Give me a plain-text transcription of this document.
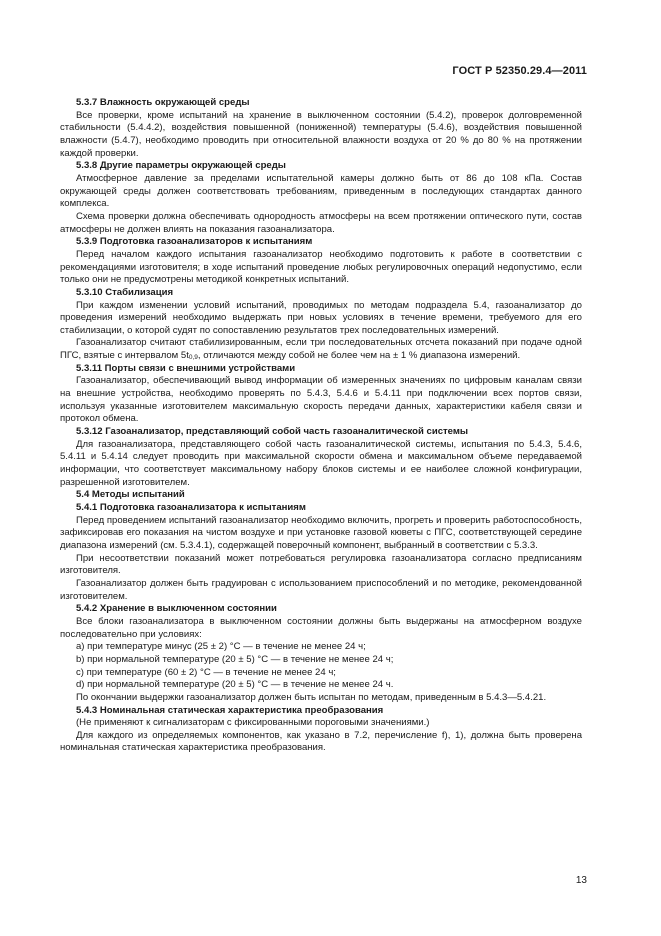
ГОСТ Р 52350.29.4—2011

5.3.7 Влажность окружающей среды

Все проверки, кроме испытаний на хранение в выключенном состоянии (5.4.2), проверок долговременной стабильности (5.4.4.2), воздействия повышенной (пониженной) температуры (5.4.6), воздействия повышенной влажности (5.4.7), необходимо проводить при относительной влажности воздуха от 20 % до 80 % на протяжении каждой проверки.

5.3.8 Другие параметры окружающей среды

Атмосферное давление за пределами испытательной камеры должно быть от 86 до 108 кПа. Состав окружающей среды должен соответствовать требованиям, приведенным в последующих стандартах данного комплекса.

Схема проверки должна обеспечивать однородность атмосферы на всем протяжении оптического пути, состав атмосферы не должен влиять на показания газоанализатора.

5.3.9 Подготовка газоанализаторов к испытаниям

Перед началом каждого испытания газоанализатор необходимо подготовить к работе в соответствии с рекомендациями изготовителя; в ходе испытаний проведение любых регулировочных операций недопустимо, если только они не предусмотрены методикой конкретных испытаний.

5.3.10 Стабилизация

При каждом изменении условий испытаний, проводимых по методам подраздела 5.4, газоанализатор до проведения измерений необходимо выдержать при новых условиях в течение времени, требуемого для его стабилизации, о которой судят по сопоставлению результатов трех последовательных измерений.

Газоанализатор считают стабилизированным, если три последовательных отсчета показаний при подаче одной ПГС, взятые с интервалом $5t_{0,9}$, отличаются между собой не более чем на ± 1 % диапазона измерений.

5.3.11 Порты связи с внешними устройствами

Газоанализатор, обеспечивающий вывод информации об измеренных значениях по цифровым каналам связи на внешние устройства, необходимо проверять по 5.4.3, 5.4.6 и 5.4.11 при подключении всех портов связи, используя указанные изготовителем максимальную скорость передачи данных, характеристики кабеля связи и протокол обмена.

5.3.12 Газоанализатор, представляющий собой часть газоаналитической системы

Для газоанализатора, представляющего собой часть газоаналитической системы, испытания по 5.4.3, 5.4.6, 5.4.11 и 5.4.14 следует проводить при максимальной скорости обмена и максимальном объеме передаваемой информации, что соответствует максимальному набору блоков системы и ее наиболее сложной конфигурации, разрешенной изготовителем.

5.4 Методы испытаний

5.4.1 Подготовка газоанализатора к испытаниям

Перед проведением испытаний газоанализатор необходимо включить, прогреть и проверить работоспособность, зафиксировав его показания на чистом воздухе и при установке газовой кюветы с ПГС, соответствующей середине диапазона измерений (см. 5.3.4.1), содержащей поверочный компонент, выбранный в соответствии с 5.3.3.

При несоответствии показаний может потребоваться регулировка газоанализатора согласно предписаниям изготовителя.

Газоанализатор должен быть градуирован с использованием приспособлений и по методике, рекомендованной изготовителем.

5.4.2 Хранение в выключенном состоянии

Все блоки газоанализатора в выключенном состоянии должны быть выдержаны на атмосферном воздухе последовательно при условиях:

a) при температуре минус (25 ± 2) °C — в течение не менее 24 ч;

b) при нормальной температуре (20 ± 5) °C — в течение не менее 24 ч;

c) при температуре (60 ± 2) °C — в течение не менее 24 ч;

d) при нормальной температуре (20 ± 5) °C — в течение не менее 24 ч.

По окончании выдержки газоанализатор должен быть испытан по методам, приведенным в 5.4.3—5.4.21.

5.4.3 Номинальная статическая характеристика преобразования

(Не применяют к сигнализаторам с фиксированными пороговыми значениями.)

Для каждого из определяемых компонентов, как указано в 7.2, перечисление f), 1), должна быть проверена номинальная статическая характеристика преобразования.

13
